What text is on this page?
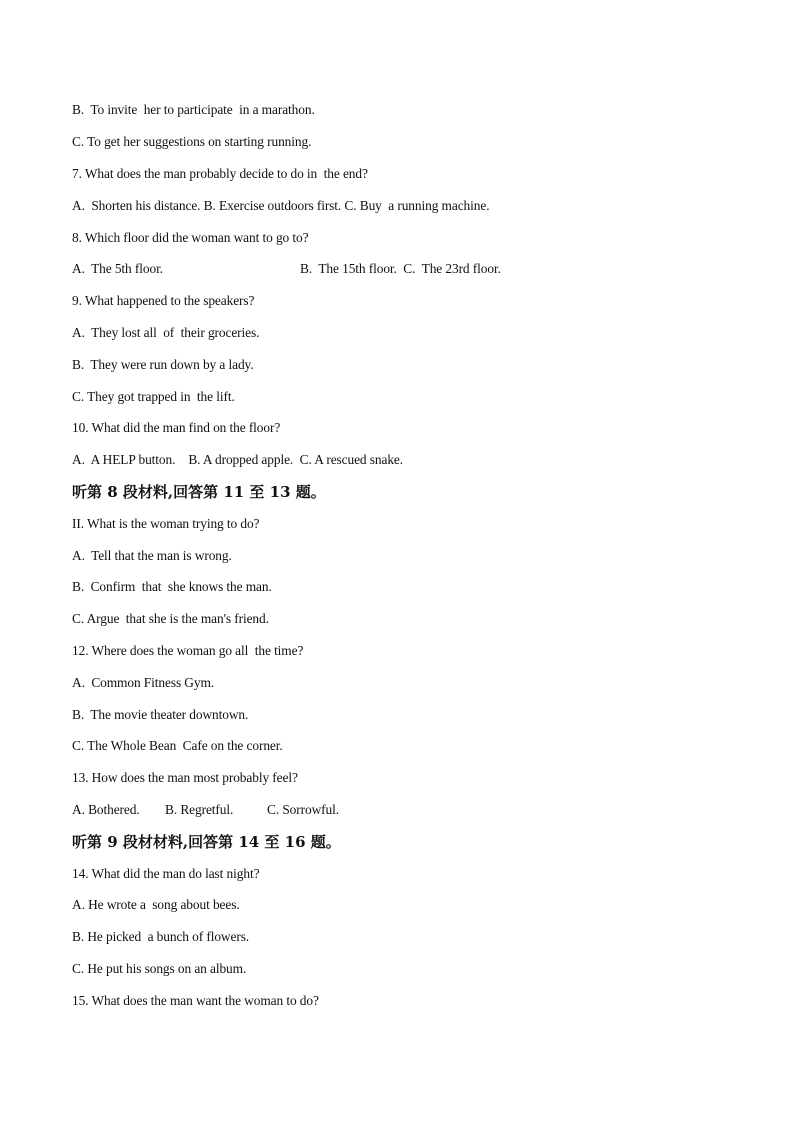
B.  To invite  her to participate  in a marathon.
C. To get her suggestions on starting running.
7. What does the man probably decide to do in  the end?
A.  Shorten his distance. B. Exercise outdoors first. C. Buy  a running machine.
8. Which floor did the woman want to go to?

A.  The 5th floor.

	B.  The 15th floor.  C.  The 23rd floor.

9. What happened to the speakers?
A.  They lost all  of  their groceries.
B.  They were run down by a lady.
C. They got trapped in  the lift.
10. What did the man find on the floor?
A.  A HELP button.    B. A dropped apple.  C. A rescued snake.
听第 8 段材料,回答第 11 至 13 题。
II. What is the woman trying to do?
A.  Tell that the man is wrong.
B.  Confirm  that  she knows the man.
C. Argue  that she is the man's friend.
12. Where does the woman go all  the time?
A.  Common Fitness Gym.
B.  The movie theater downtown.
C. The Whole Bean  Cafe on the corner.
13. How does the man most probably feel?

A. Bothered.

B. Regretful.

	C. Sorrowful.

听第 9 段材材料,回答第 14 至 16 题。
14. What did the man do last night?
A. He wrote a  song about bees.
B. He picked  a bunch of flowers.
C. He put his songs on an album.
15. What does the man want the woman to do?
